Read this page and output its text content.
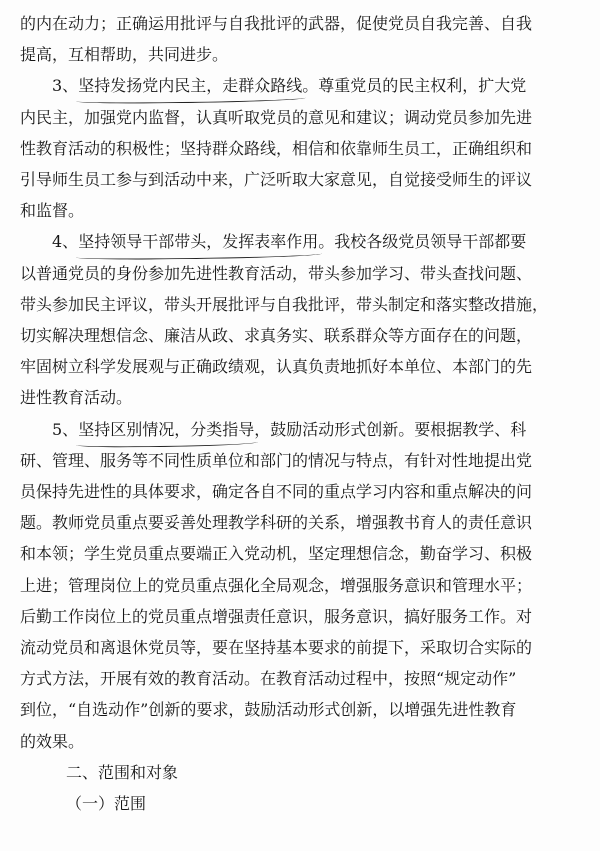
的内在动力；正确运用批评与自我批评的武器，促使党员自我完善、自我
提高，互相帮助，共同进步。
3、坚持发扬党内民主，走群众路线。尊重党员的民主权利，扩大党
内民主，加强党内监督，认真听取党员的意见和建议；调动党员参加先进
性教育活动的积极性；坚持群众路线，相信和依靠师生员工，正确组织和
引导师生员工参与到活动中来，广泛听取大家意见，自觉接受师生的评议
和监督。
4、坚持领导干部带头，发挥表率作用。我校各级党员领导干部都要
以普通党员的身份参加先进性教育活动，带头参加学习、带头查找问题、
带头参加民主评议，带头开展批评与自我批评，带头制定和落实整改措施，
切实解决理想信念、廉洁从政、求真务实、联系群众等方面存在的问题，
牢固树立科学发展观与正确政绩观，认真负责地抓好本单位、本部门的先
进性教育活动。
5、坚持区别情况，分类指导，鼓励活动形式创新。要根据教学、科
研、管理、服务等不同性质单位和部门的情况与特点，有针对性地提出党
员保持先进性的具体要求，确定各自不同的重点学习内容和重点解决的问
题。教师党员重点要妥善处理教学科研的关系，增强教书育人的责任意识
和本领；学生党员重点要端正入党动机，坚定理想信念，勤奋学习、积极
上进；管理岗位上的党员重点强化全局观念，增强服务意识和管理水平；
后勤工作岗位上的党员重点增强责任意识，服务意识，搞好服务工作。对
流动党员和离退休党员等，要在坚持基本要求的前提下，采取切合实际的
方式方法，开展有效的教育活动。在教育活动过程中，按照“规定动作”
到位，“自选动作”创新的要求，鼓励活动形式创新，以增强先进性教育
的效果。
二、范围和对象
（一）范围
